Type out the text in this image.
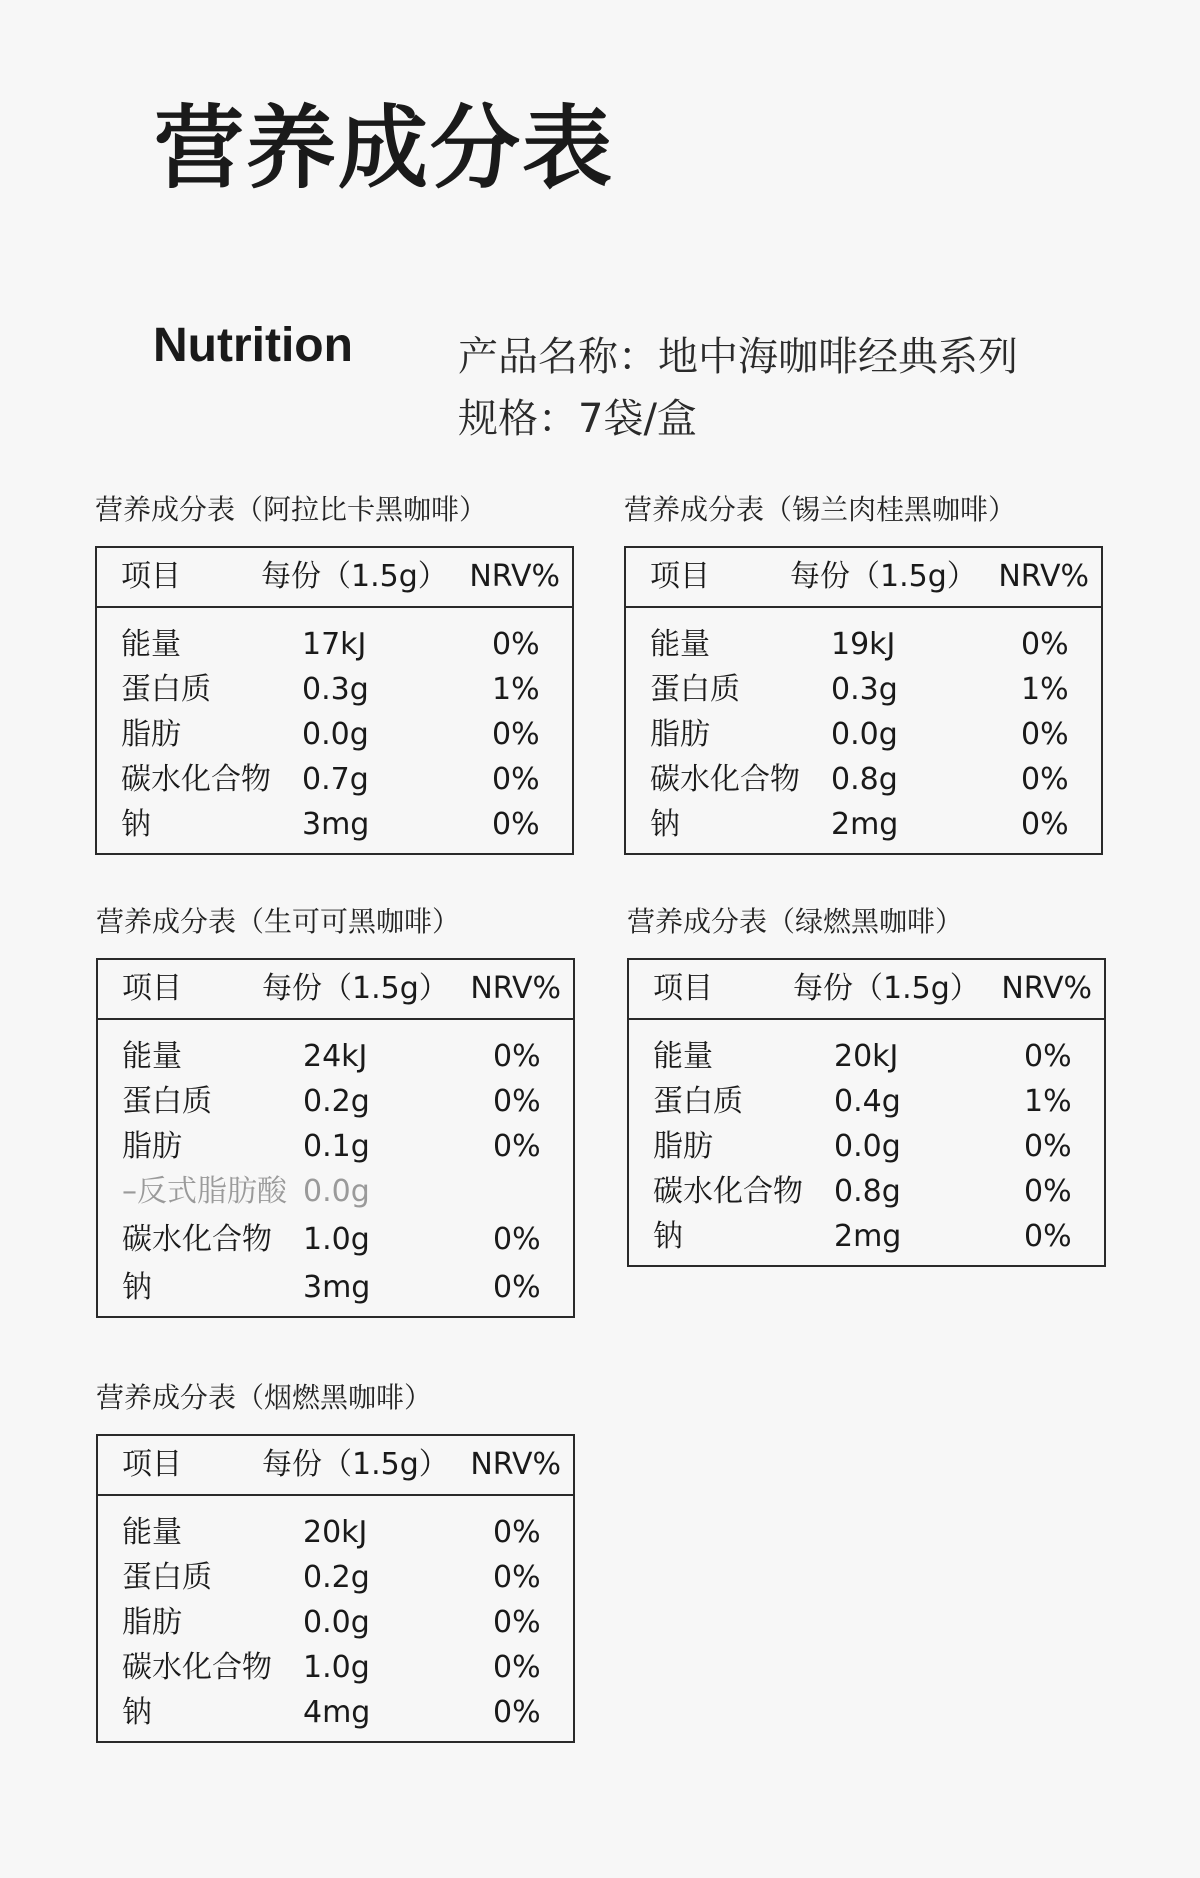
营养成分表
Nutrition	产品名称：地中海咖啡经典系列
规格：7袋/盒
营养成分表（阿拉比卡黑咖啡）
项目	每份（1.5g） NRV%
能量	17kJ	0%
蛋白质	0.3g	1%
脂肪	0.0g	0%
碳水化合物 0.7g	0%
钠	3mg	0%
营养成分表（锡兰肉桂黑咖啡）
项目	每份（1.5g） NRV%
能量	19kJ	0%
蛋白质	0.3g	1%
脂肪	0.0g	0%
碳水化合物 0.8g	0%
钠	2mg	0%
营养成分表（生可可黑咖啡）
项目	每份（1.5g） NRV%
能量	24kJ	0%
蛋白质	0.2g	0%
脂肪	0.1g	0%
–反式脂肪酸 0.0g
碳水化合物 1.0g	0%
钠	3mg	0%
营养成分表（绿燃黑咖啡）
项目	每份（1.5g） NRV%
能量	20kJ	0%
蛋白质	0.4g	1%
脂肪	0.0g	0%
碳水化合物 0.8g	0%
钠	2mg	0%
营养成分表（烟燃黑咖啡）
项目	每份（1.5g） NRV%
能量	20kJ	0%
蛋白质	0.2g	0%
脂肪	0.0g	0%
碳水化合物 1.0g	0%
钠	4mg	0%
